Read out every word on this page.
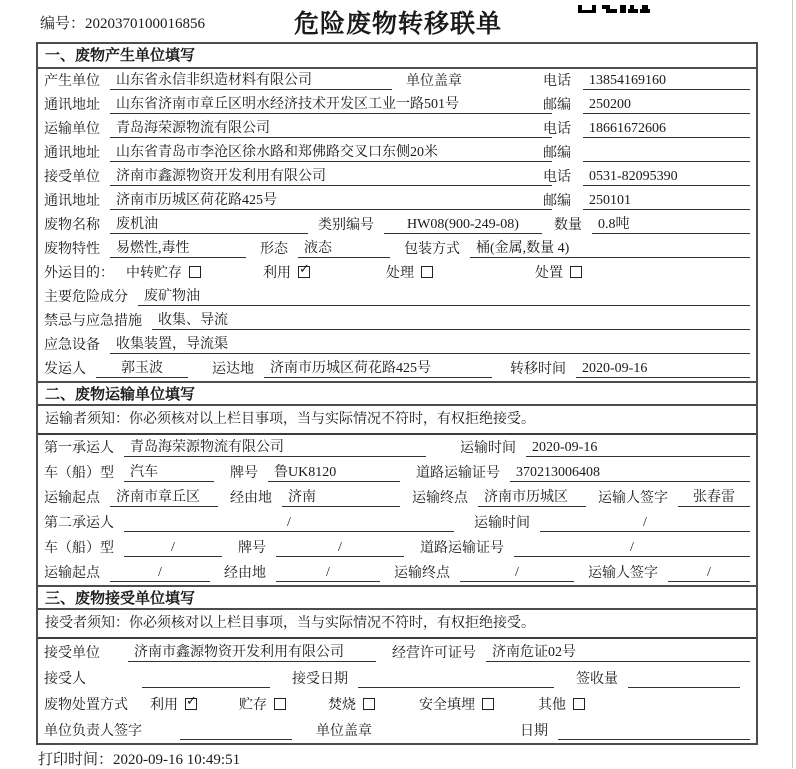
编号：2020370100016856	危险废物转移联单
一、废物产生单位填写
产生单位	山东省永信非织造材料有限公司	单位盖章	电话	13854169160
通讯地址	山东省济南市章丘区明水经济技术开发区工业一路501号	邮编	250200
运输单位	青岛海荣源物流有限公司	电话	18661672606
通讯地址	山东省青岛市李沧区徐水路和郑佛路交叉口东侧20米	邮编
接受单位	济南市鑫源物资开发利用有限公司	电话	0531-82095390
通讯地址	济南市历城区荷花路425号	邮编	250101
废物名称	废机油	类别编号	HW08(900-249-08)	数量	0.8吨
废物特性	易燃性,毒性	形态	液态	包装方式	桶(金属,数量 4)
外运目的： 中转贮存	利用 ✓	处理	处置
主要危险成分	废矿物油
禁忌与应急措施	收集、导流
应急设备	收集装置，导流渠
发运人	郭玉波	运达地	济南市历城区荷花路425号	转移时间	2020-09-16
二、废物运输单位填写
运输者须知：你必须核对以上栏目事项，当与实际情况不符时，有权拒绝接受。
第一承运人	青岛海荣源物流有限公司	运输时间	2020-09-16
车（船）型	汽车	牌号	鲁UK8120	道路运输证号	370213006408
运输起点	济南市章丘区	经由地	济南	运输终点	济南市历城区	运输人签字	张春雷
第二承运人	/	运输时间	/
车（船）型	/	牌号	/	道路运输证号	/
运输起点	/	经由地	/	运输终点	/	运输人签字	/
三、废物接受单位填写
接受者须知：你必须核对以上栏目事项，当与实际情况不符时，有权拒绝接受。
接受单位	济南市鑫源物资开发利用有限公司	经营许可证号	济南危证02号
接受人	接受日期	签收量
废物处置方式 利用 ✓	贮存	焚烧	安全填埋	其他
单位负责人签字	单位盖章	日期
打印时间：2020-09-16 10:49:51
